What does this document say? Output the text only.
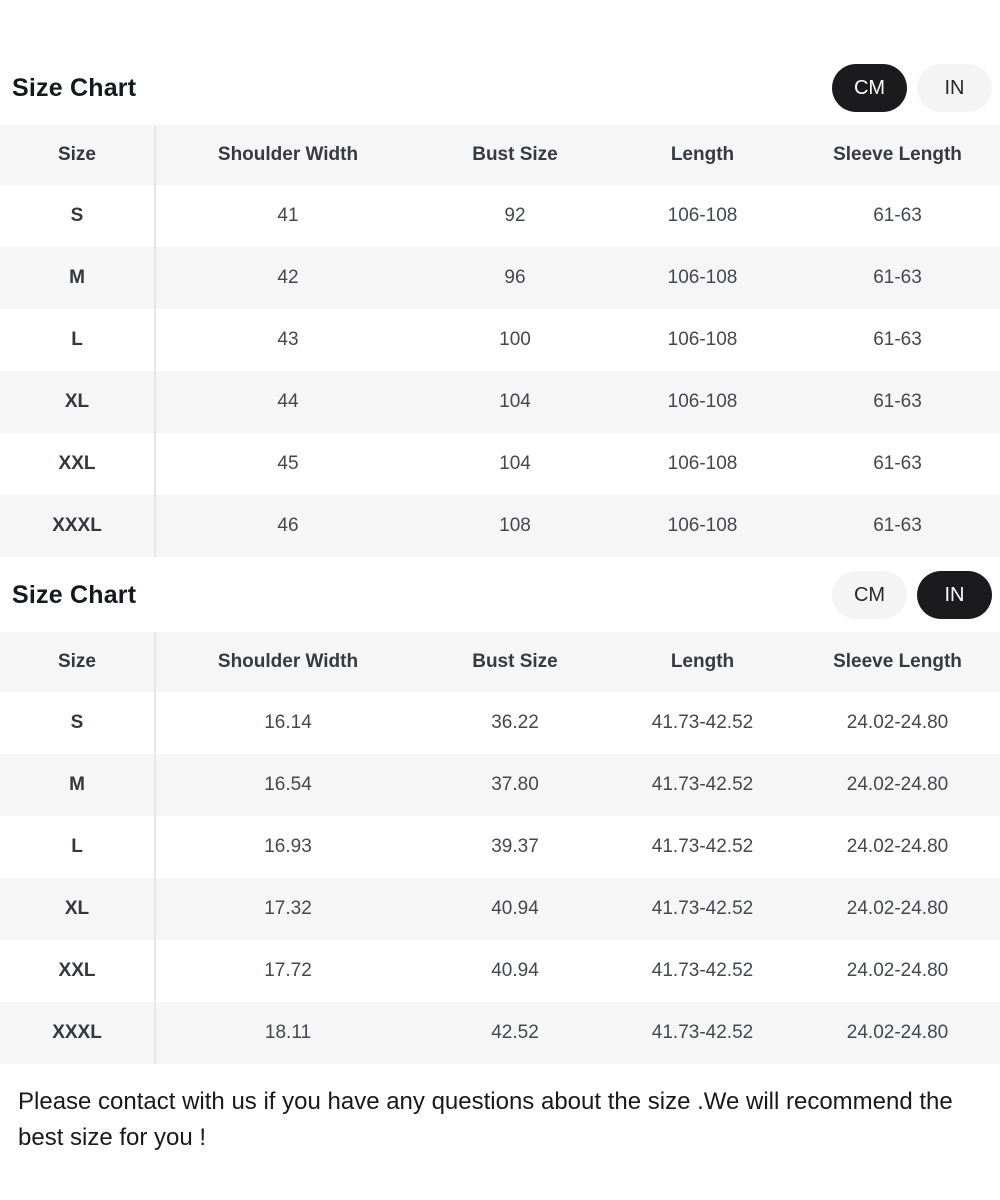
Size Chart	CM	IN
Size	Shoulder Width	Bust Size	Length	Sleeve Length
S	41	92	106-108	61-63
M	42	96	106-108	61-63
L	43	100	106-108	61-63
XL	44	104	106-108	61-63
XXL	45	104	106-108	61-63
XXXL	46	108	106-108	61-63
Size Chart	CM	IN
Size	Shoulder Width	Bust Size	Length	Sleeve Length
S	16.14	36.22	41.73-42.52	24.02-24.80
M	16.54	37.80	41.73-42.52	24.02-24.80
L	16.93	39.37	41.73-42.52	24.02-24.80
XL	17.32	40.94	41.73-42.52	24.02-24.80
XXL	17.72	40.94	41.73-42.52	24.02-24.80
XXXL	18.11	42.52	41.73-42.52	24.02-24.80

Please contact with us if you have any questions about the size .We will recommend the best size for you !
